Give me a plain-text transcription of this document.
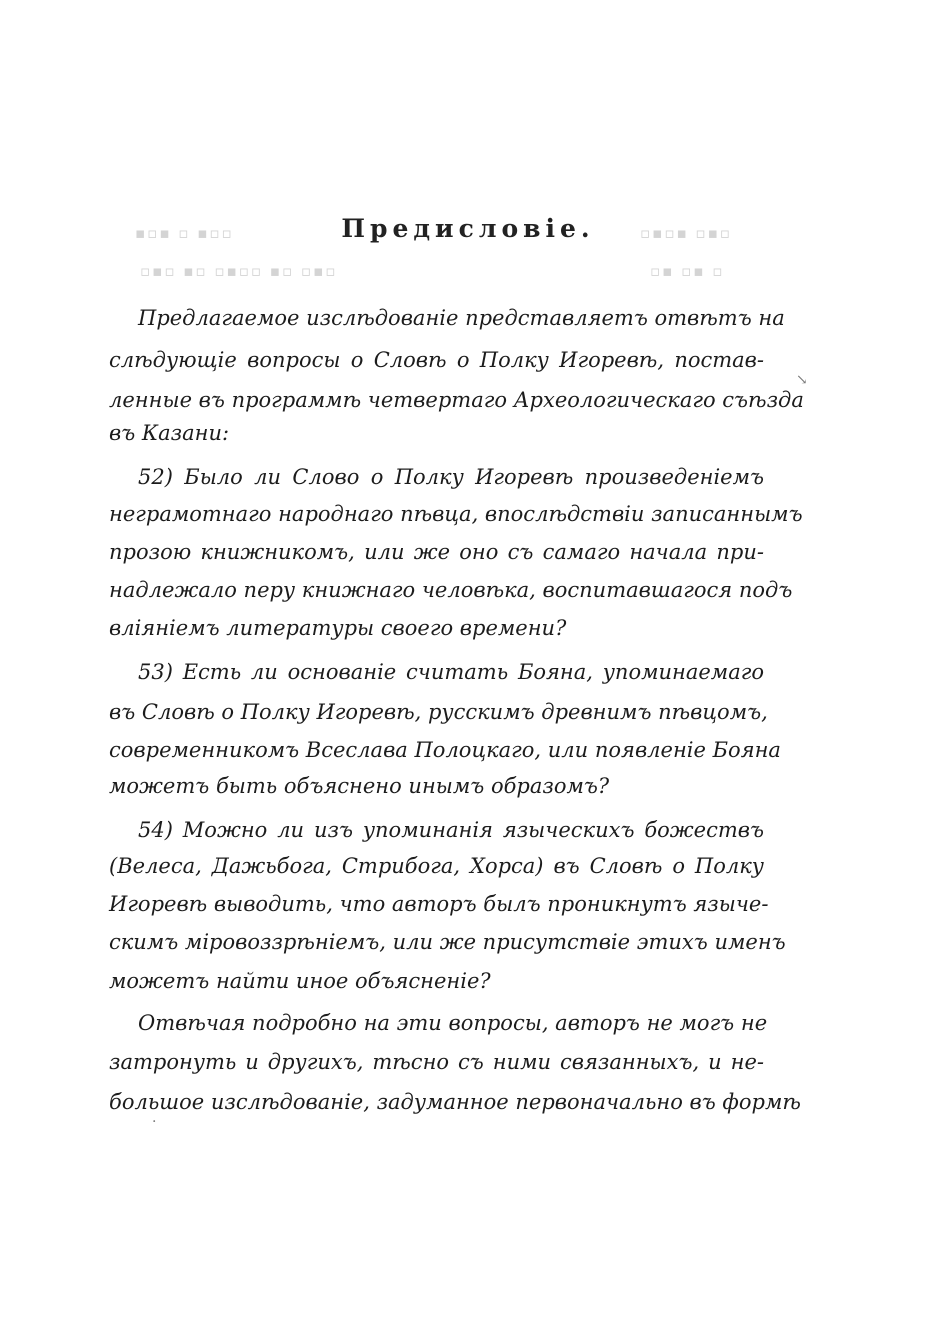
▪▫▪ ▫ ▪▫▫	▫▪▫▪ ▫▪▫
▫▪▫ ▪▫ ▫▪▫▫ ▪▫ ▫▪▫	▫▪ ▫▪ ▫
↘
·
Предисловіе.
Предлагаемое изслѣдованіе представляетъ отвѣтъ на
слѣдующіе вопросы о Словѣ о Полку Игоревѣ, постав-
ленные въ программѣ четвертаго Археологическаго съѣзда
въ Казани:
52) Было ли Слово о Полку Игоревѣ произведеніемъ
неграмотнаго народнаго пѣвца, впослѣдствіи записаннымъ
прозою книжникомъ, или же оно съ самаго начала при-
надлежало перу книжнаго человѣка, воспитавшагося подъ
вліяніемъ литературы своего времени?
53) Есть ли основаніе считать Бояна, упоминаемаго
въ Словѣ о Полку Игоревѣ, русскимъ древнимъ пѣвцомъ,
современникомъ Всеслава Полоцкаго, или появленіе Бояна
можетъ быть объяснено инымъ образомъ?
54) Можно ли изъ упоминанія языческихъ божествъ
(Велеса, Дажьбога, Стрибога, Хорса) въ Словѣ о Полку
Игоревѣ выводить, что авторъ былъ проникнутъ языче-
скимъ міровоззрѣніемъ, или же присутствіе этихъ именъ
можетъ найти иное объясненіе?
Отвѣчая подробно на эти вопросы, авторъ не могъ не
затронуть и другихъ, тѣсно съ ними связанныхъ, и не-
большое изслѣдованіе, задуманное первоначально въ формѣ
